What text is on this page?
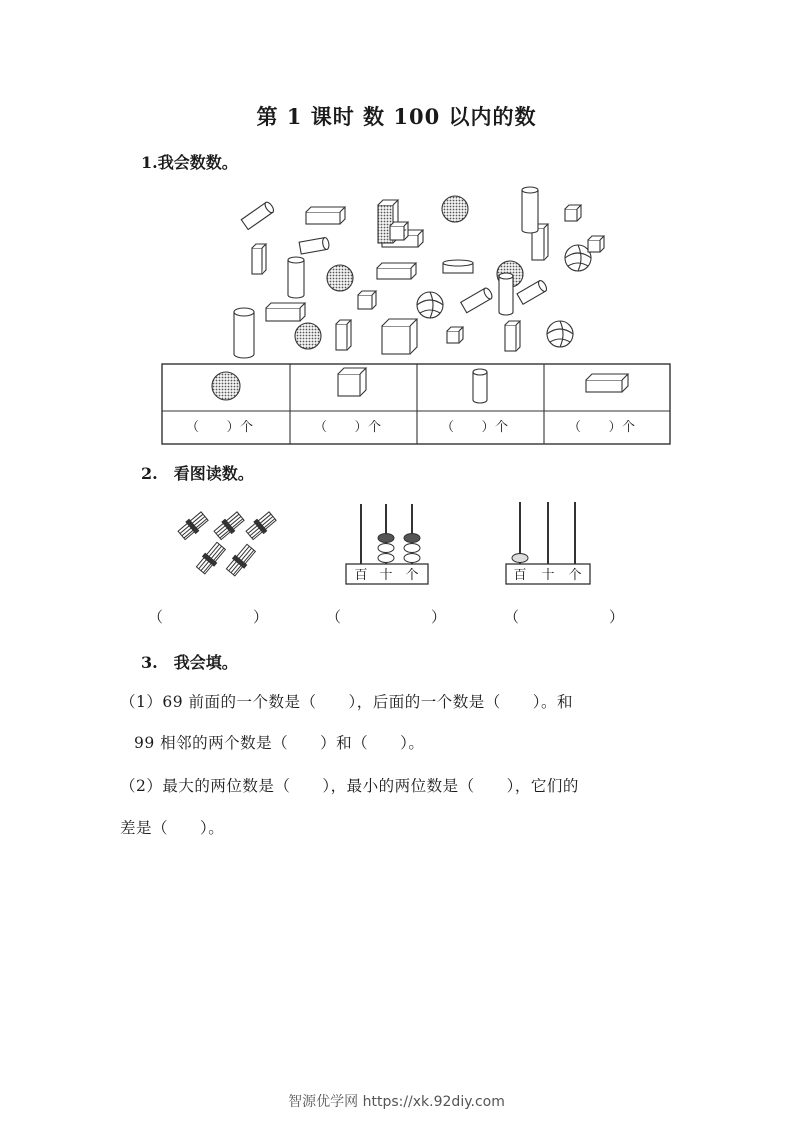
第 1 课时 数 100 以内的数
1.我会数数。
（　　）个	（　　）个	（　　）个	（　　）个
2.　看图读数。
百 十 个	百 十 个
（　　　　　　）	（　　　　　　）	（　　　　　　）
3.　我会填。
（1）69 前面的一个数是（　　），后面的一个数是（　　）。和
99 相邻的两个数是（　　）和（　　）。
（2）最大的两位数是（　　），最小的两位数是（　　），它们的
差是（　　）。
智源优学网 https://xk.92diy.com
